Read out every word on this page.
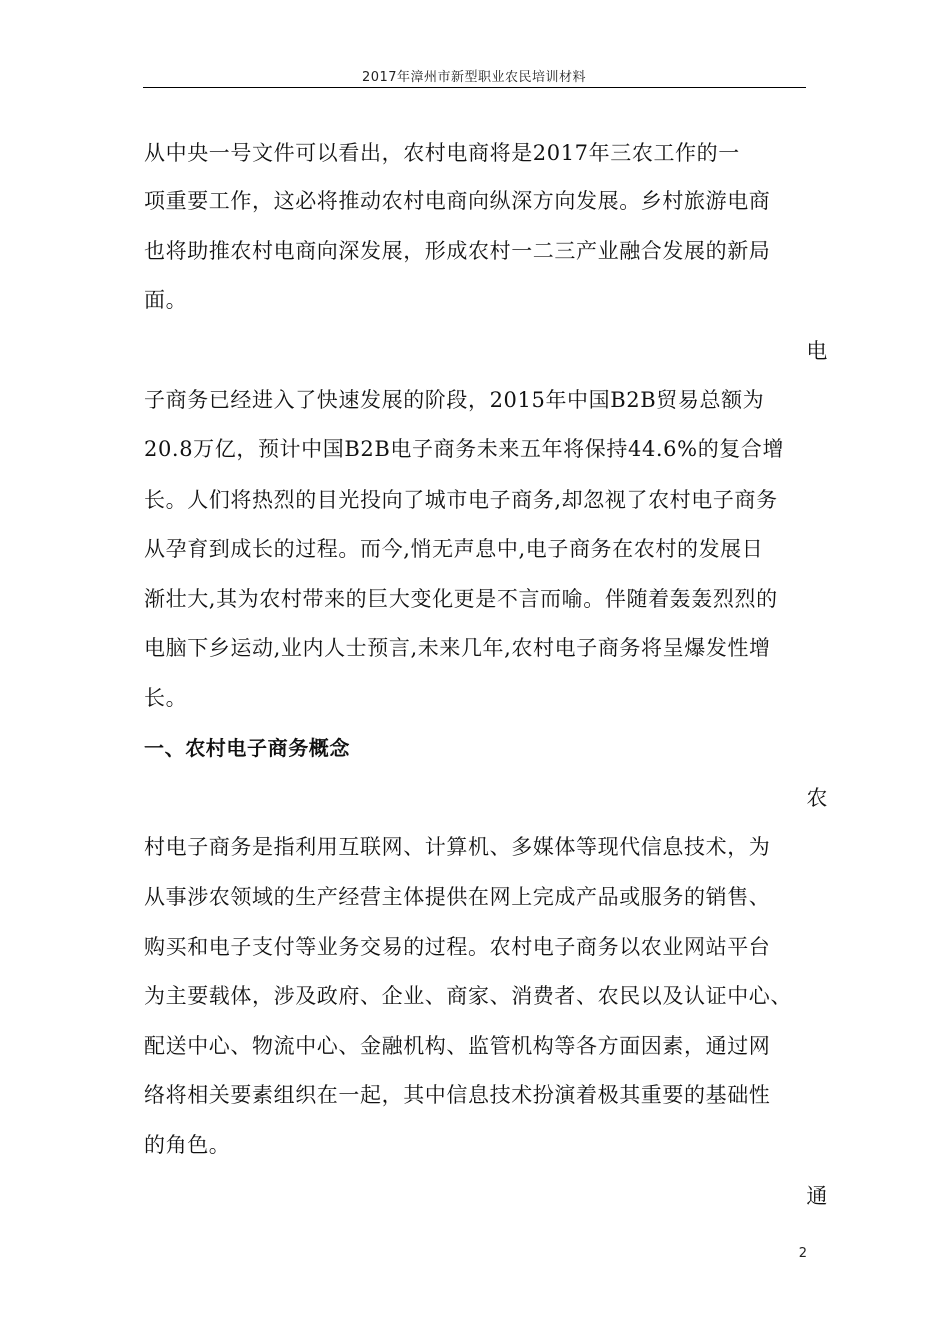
2017年漳州市新型职业农民培训材料
从中央一号文件可以看出，农村电商将是2017年三农工作的一
项重要工作，这必将推动农村电商向纵深方向发展。乡村旅游电商
也将助推农村电商向深发展，形成农村一二三产业融合发展的新局
面。
电
子商务已经进入了快速发展的阶段，2015年中国B2B贸易总额为
20.8万亿，预计中国B2B电子商务未来五年将保持44.6%的复合增
长。人们将热烈的目光投向了城市电子商务,却忽视了农村电子商务
从孕育到成长的过程。而今,悄无声息中,电子商务在农村的发展日
渐壮大,其为农村带来的巨大变化更是不言而喻。伴随着轰轰烈烈的
电脑下乡运动,业内人士预言,未来几年,农村电子商务将呈爆发性增
长。
一、农村电子商务概念
农
村电子商务是指利用互联网、计算机、多媒体等现代信息技术，为
从事涉农领域的生产经营主体提供在网上完成产品或服务的销售、
购买和电子支付等业务交易的过程。农村电子商务以农业网站平台
为主要载体，涉及政府、企业、商家、消费者、农民以及认证中心、
配送中心、物流中心、金融机构、监管机构等各方面因素，通过网
络将相关要素组织在一起，其中信息技术扮演着极其重要的基础性
的角色。
通
2
